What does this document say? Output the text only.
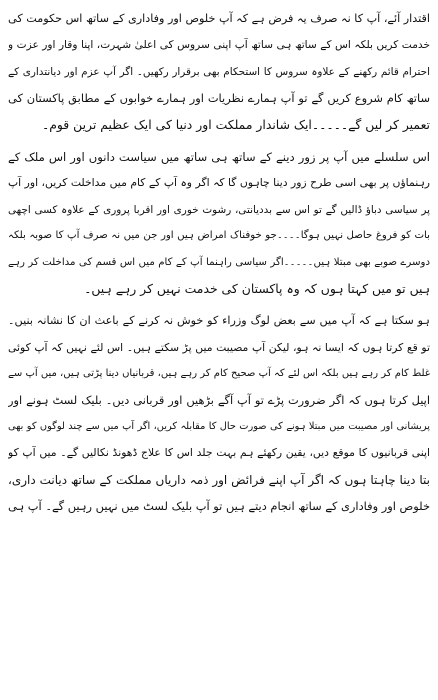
اقتدار آئے، آپ کا نہ صرف یہ فرض ہے کہ آپ خلوص اور وفاداری کے ساتھ اس حکومت کی
خدمت کریں بلکہ اس کے ساتھ ہی ساتھ آپ اپنی سروس کی اعلیٰ شہرت، اپنا وقار اور عزت و
احترام قائم رکھنے کے علاوہ سروس کا استحکام بھی برقرار رکھیں۔ اگر آپ عزم اور دیانتداری کے
ساتھ کام شروع کریں گے تو آپ ہمارے نظریات اور ہمارے خوابوں کے مطابق پاکستان کی
تعمیر کر لیں گے۔۔۔۔۔ایک شاندار مملکت اور دنیا کی ایک عظیم ترین قوم۔
اس سلسلے میں آپ پر زور دینے کے ساتھ ہی ساتھ میں سیاست دانوں اور اس ملک کے
رہنماؤں پر بھی اسی طرح زور دینا چاہوں گا کہ اگر وہ آپ کے کام میں مداخلت کریں، اور آپ
پر سیاسی دباؤ ڈالیں گے تو اس سے بددیانتی، رشوت خوری اور اقربا پروری کے علاوہ کسی اچھی
بات کو فروغ حاصل نہیں ہوگا۔۔۔۔جو خوفناک امراض ہیں اور جن میں نہ صرف آپ کا صوبہ بلکہ
دوسرے صوبے بھی مبتلا ہیں۔۔۔۔۔اگر سیاسی راہنما آپ کے کام میں اس قسم کی مداخلت کر رہے
ہیں تو میں کہتا ہوں کہ وہ پاکستان کی خدمت نہیں کر رہے ہیں۔
ہو سکتا ہے کہ آپ میں سے بعض لوگ وزراء کو خوش نہ کرنے کے باعث ان کا نشانہ بنیں۔
تو قع کرتا ہوں کہ ایسا نہ ہو، لیکن آپ مصیبت میں پڑ سکتے ہیں۔ اس لئے نہیں کہ آپ کوئی
غلط کام کر رہے ہیں بلکہ اس لئے کہ آپ صحیح کام کر رہے ہیں، قربانیاں دینا پڑتی ہیں، میں آپ سے
اپیل کرتا ہوں کہ اگر ضرورت پڑے تو آپ آگے بڑھیں اور قربانی دیں۔ بلیک لسٹ ہونے اور
پریشانی اور مصیبت میں مبتلا ہونے کی صورت حال کا مقابلہ کریں، اگر آپ میں سے چند لوگوں کو بھی
اپنی قربانیوں کا موقع دیں، یقین رکھئے ہم بہت جلد اس کا علاج ڈھونڈ نکالیں گے۔ میں آپ کو
بتا دینا چاہتا ہوں کہ اگر آپ اپنے فرائض اور ذمہ داریاں مملکت کے ساتھ دیانت داری،
خلوص اور وفاداری کے ساتھ انجام دیتے ہیں تو آپ بلیک لسٹ میں نہیں رہیں گے۔ آپ ہی
